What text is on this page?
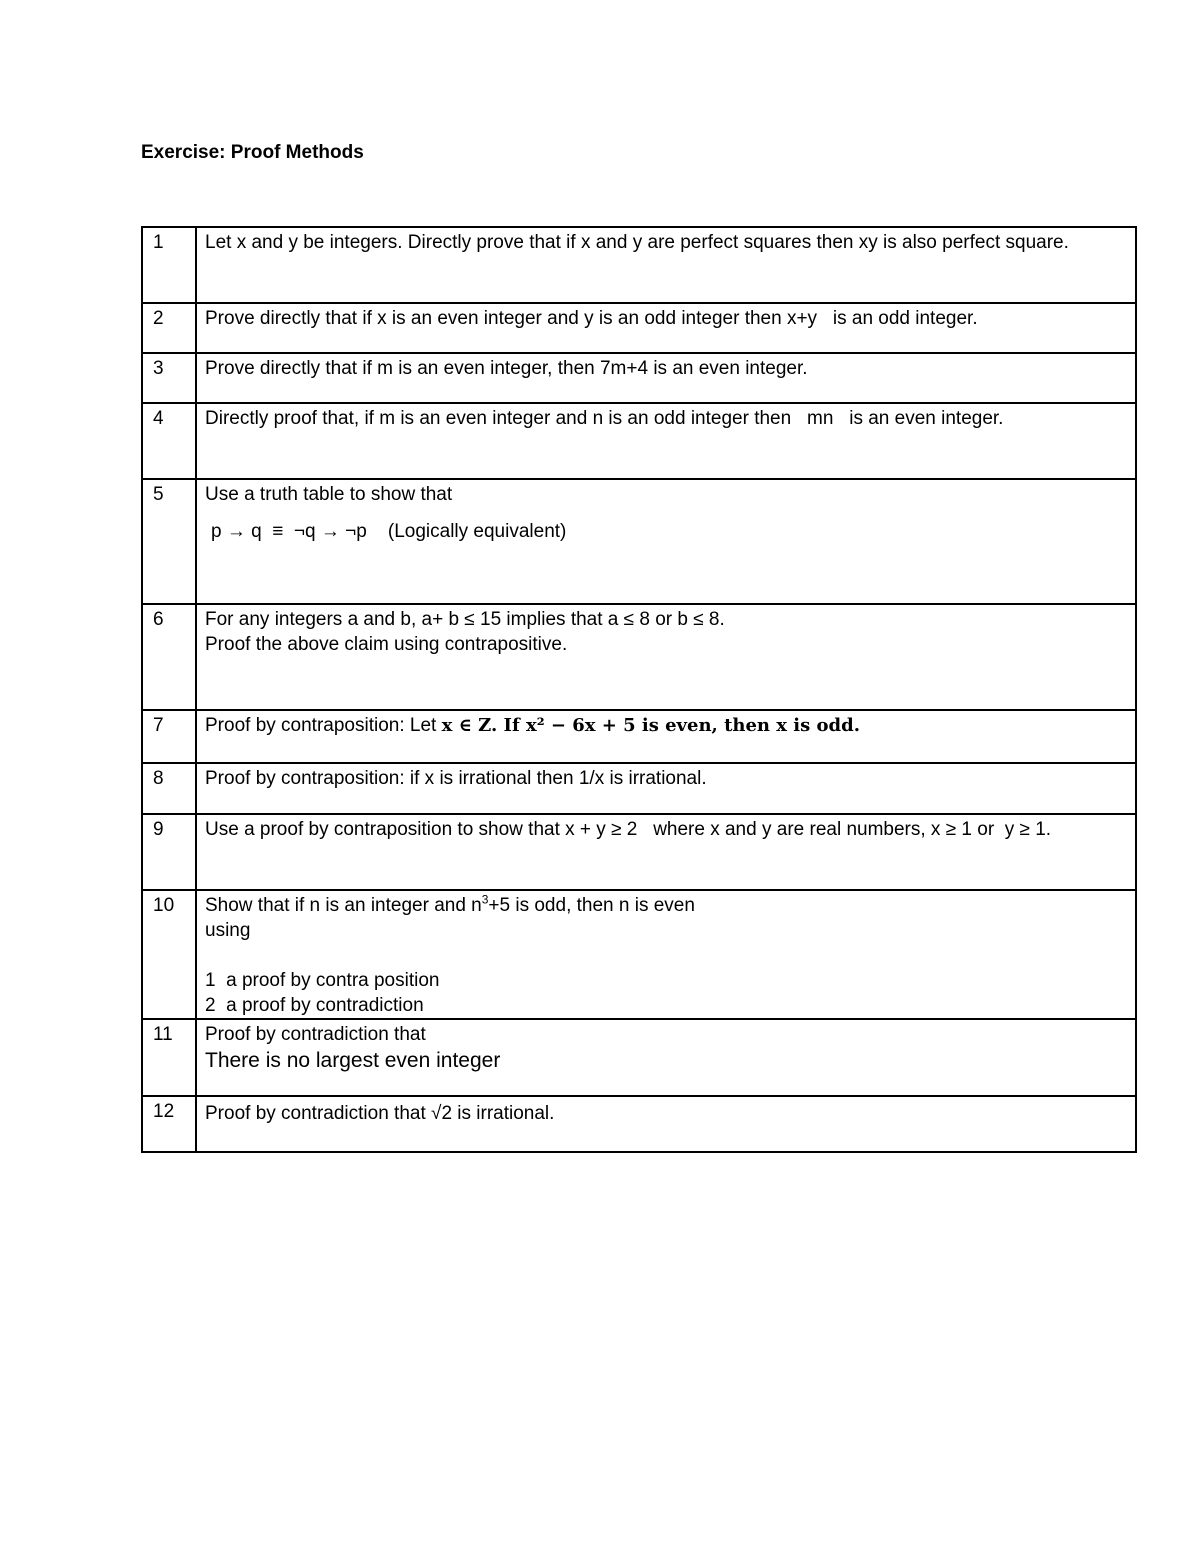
Exercise: Proof Methods
1	Let x and y be integers. Directly prove that if x and y are perfect squares then xy is also perfect square.
2	Prove directly that if x is an even integer and y is an odd integer then x+y   is an odd integer.
3	Prove directly that if m is an even integer, then 7m+4 is an even integer.
4	Directly proof that, if m is an even integer and n is an odd integer then   mn   is an even integer.
5	Use a truth table to show that
p → q  ≡  ¬q → ¬p    (Logically equivalent)

6	For any integers a and b, a+ b ≤ 15 implies that a ≤ 8 or b ≤ 8.
Proof the above claim using contrapositive.

7	Proof by contraposition: Let x ∈ Z. If x² − 6x + 5 is even, then x is odd.
8	Proof by contraposition: if x is irrational then 1/x is irrational.
9	Use a proof by contraposition to show that x + y ≥ 2   where x and y are real numbers, x ≥ 1 or  y ≥ 1.
10	Show that if n is an integer and $n^3+5$ is odd, then n is even
using
1  a proof by contra position
2  a proof by contradiction

11	Proof by contradiction that
There is no largest even integer

12	Proof by contradiction that √2 is irrational.
